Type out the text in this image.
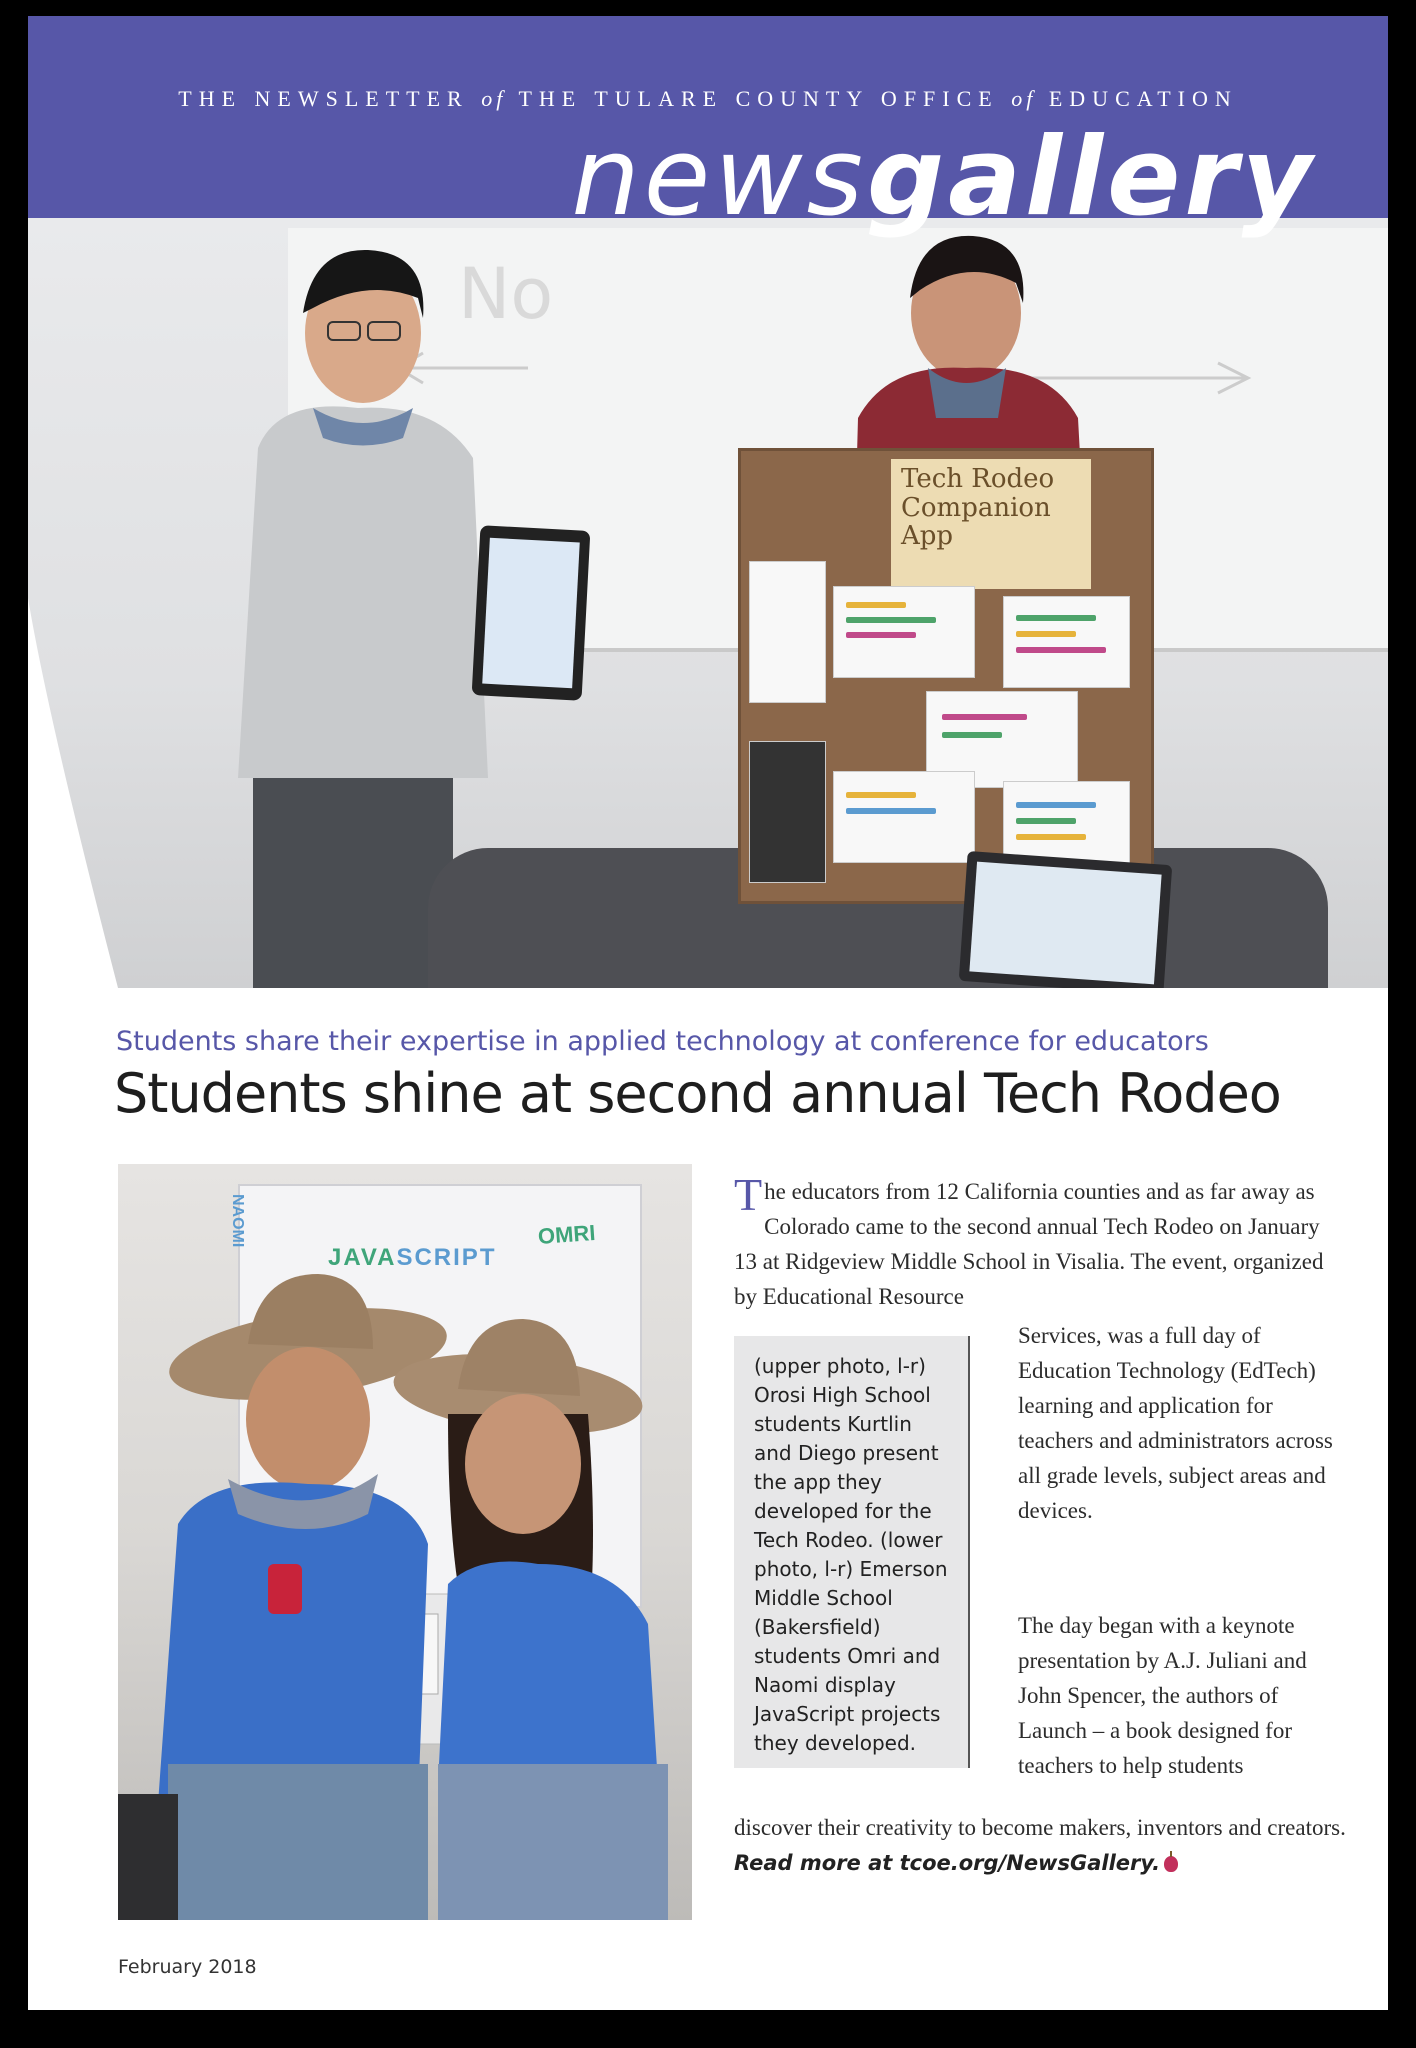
THE NEWSLETTER of THE TULARE COUNTY OFFICE of EDUCATION
newsgallery
No
Tech Rodeo Companion App
Students share their expertise in applied technology at conference for educators
Students shine at second annual Tech Rodeo
JAVASCRIPT
OMRI
NAOMI	The educators from 12 California counties and as far away as Colorado came to the second annual Tech Rodeo on January 13 at Ridgeview Middle School in Visalia. The event, organized by Educational Resource
Services, was a full day of Education Technology (EdTech) learning and application for teachers and administrators across all grade levels, subject areas and devices.
The day began with a keynote presentation by A.J. Juliani and John Spencer, the authors of Launch – a book designed for teachers to help students
(upper photo, l-r) Orosi High School students Kurtlin and Diego present the app they developed for the Tech Rodeo. (lower photo, l-r) Emerson Middle School (Bakersfield) students Omri and Naomi display JavaScript projects they developed.
discover their creativity to become makers, inventors and creators. Read more at tcoe.org/NewsGallery.
February 2018
